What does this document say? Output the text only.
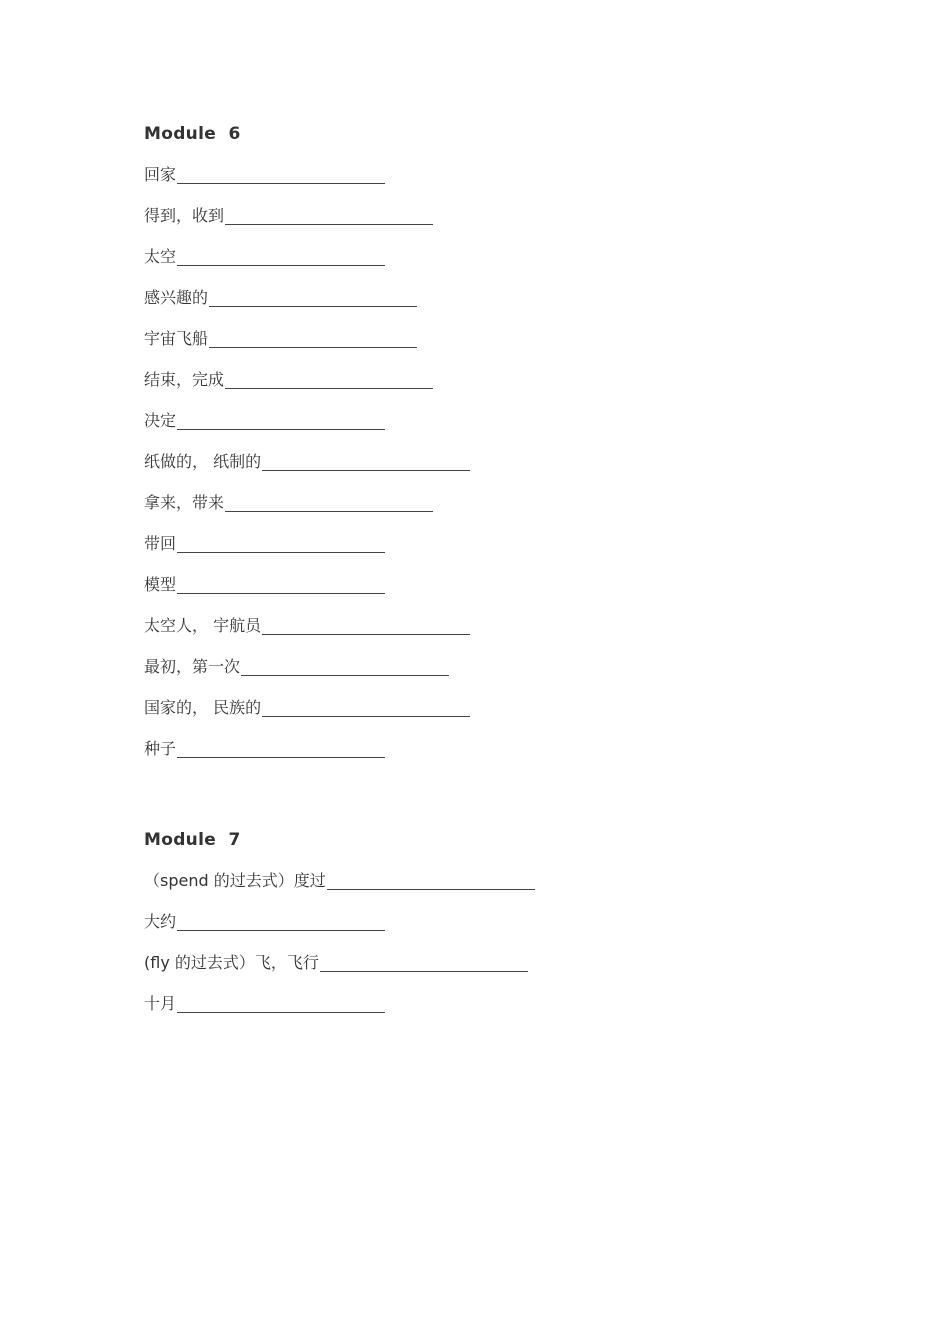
Module  6
回家
得到，收到
太空
感兴趣的
宇宙飞船
结束，完成
决定
纸做的， 纸制的
拿来，带来
带回
模型
太空人， 宇航员
最初，第一次
国家的， 民族的
种子
Module  7
（spend 的过去式）度过
大约
(fly 的过去式）飞，飞行
十月
